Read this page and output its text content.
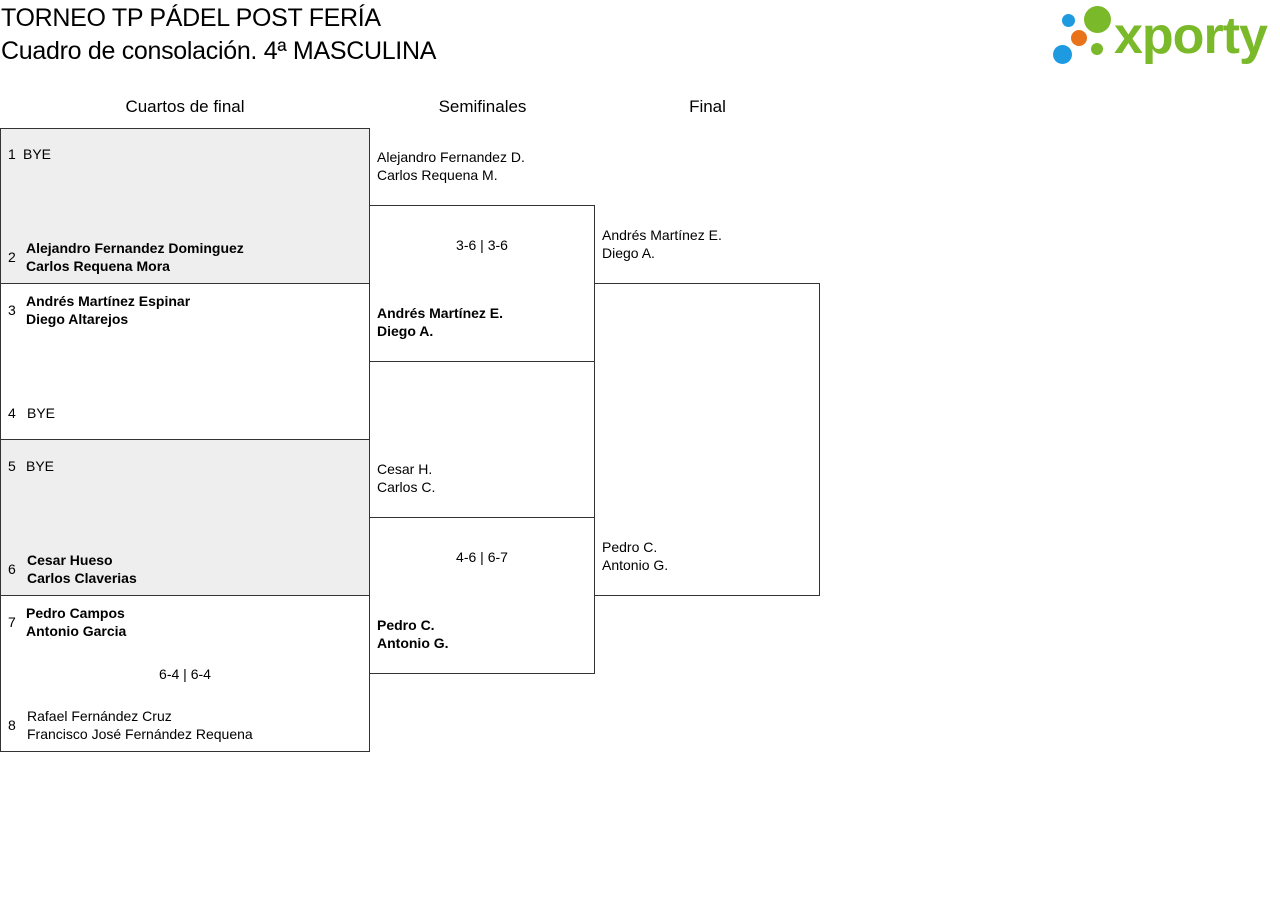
TORNEO TP PÁDEL POST FERÍA
Cuadro de consolación. 4ª MASCULINA	xporty
Cuartos de final	Semifinales	Final
1 BYE
2
Alejandro Fernandez Dominguez
Carlos Requena Mora
3
Andrés Martínez Espinar
Diego Altarejos
4 BYE
5 BYE
6
Cesar Hueso
Carlos Claverias
7
Pedro Campos
Antonio Garcia
6-4 | 6-4
8
Rafael Fernández Cruz
Francisco José Fernández Requena
Alejandro Fernandez D.
Carlos Requena M.
3-6 | 3-6
Andrés Martínez E.
Diego A.
Cesar H.
Carlos C.
4-6 | 6-7
Pedro C.
Antonio G.
Andrés Martínez E.
Diego A.
Pedro C.
Antonio G.
